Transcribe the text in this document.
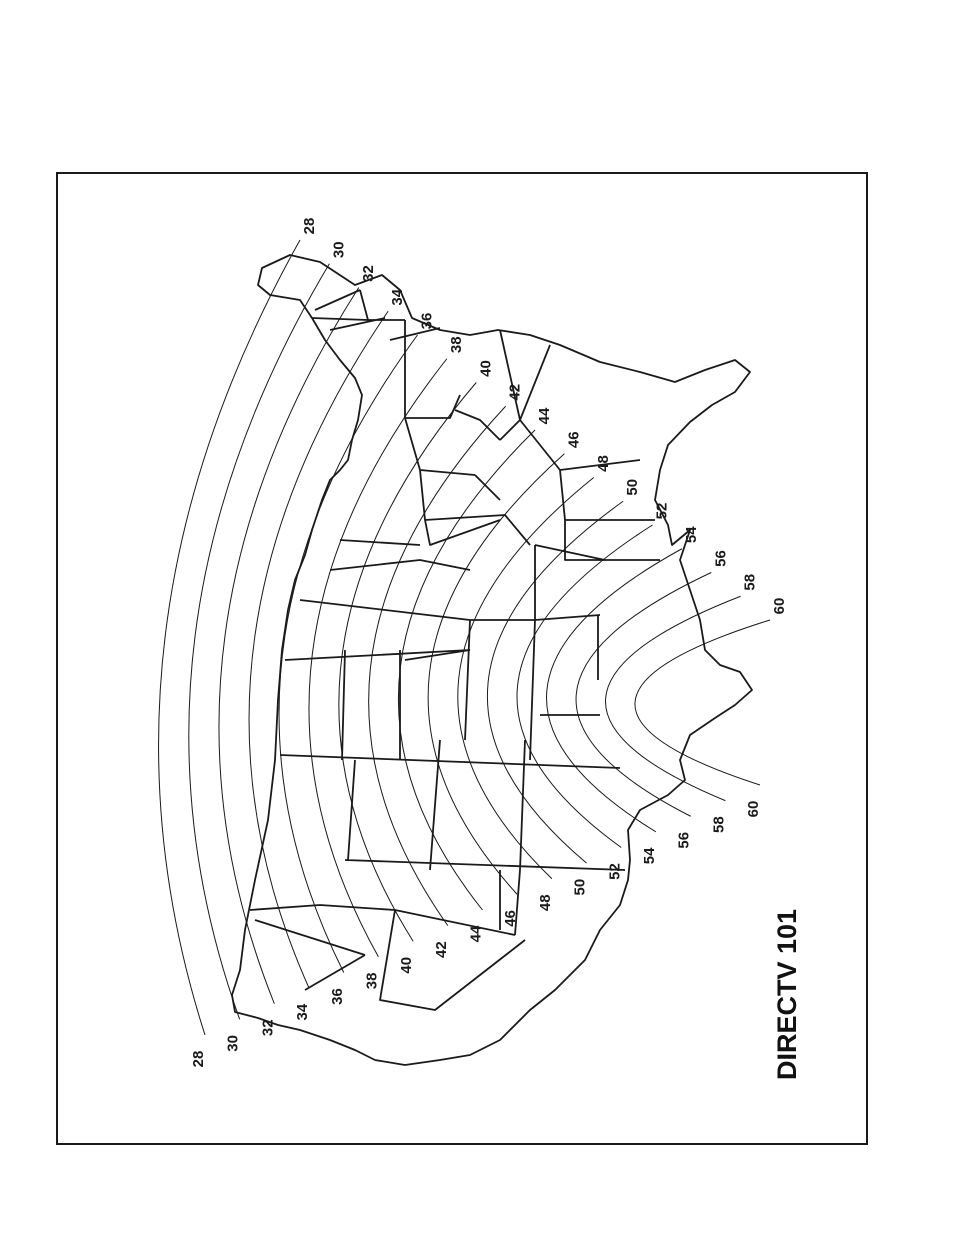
28
28
30
30
32
32
34
34
36
36
38
38
40
40
42
42
44
44
46
46
48
48
50
50
52
52
54
54
56
56
58
58
60
60
DIRECTV 101
